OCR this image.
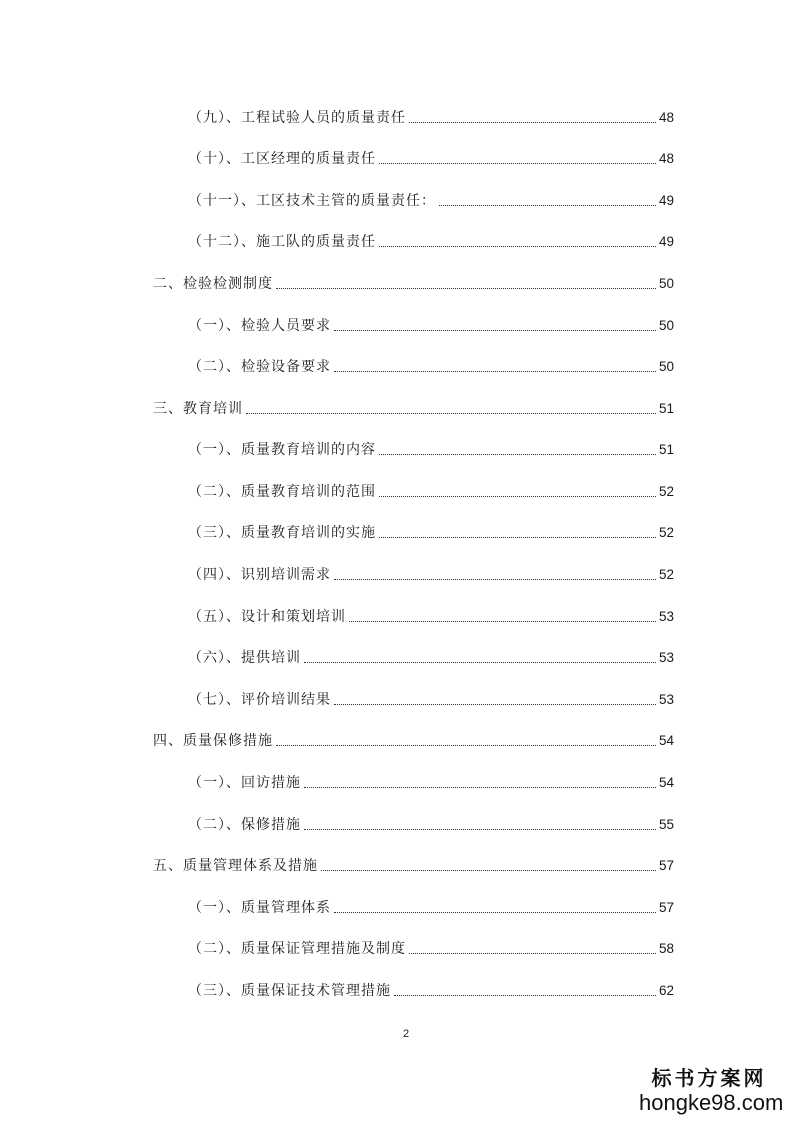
（九）、工程试验人员的质量责任	48
（十）、工区经理的质量责任	48
（十一）、工区技术主管的质量责任：	49
（十二）、施工队的质量责任	49
二、检验检测制度	50
（一）、检验人员要求	50
（二）、检验设备要求	50
三、教育培训	51
（一）、质量教育培训的内容	51
（二）、质量教育培训的范围	52
（三）、质量教育培训的实施	52
（四）、识别培训需求	52
（五）、设计和策划培训	53
（六）、提供培训	53
（七）、评价培训结果	53
四、质量保修措施	54
（一）、回访措施	54
（二）、保修措施	55
五、质量管理体系及措施	57
（一）、质量管理体系	57
（二）、质量保证管理措施及制度	58
（三）、质量保证技术管理措施	62
2
标书方案网
hongke98.com
